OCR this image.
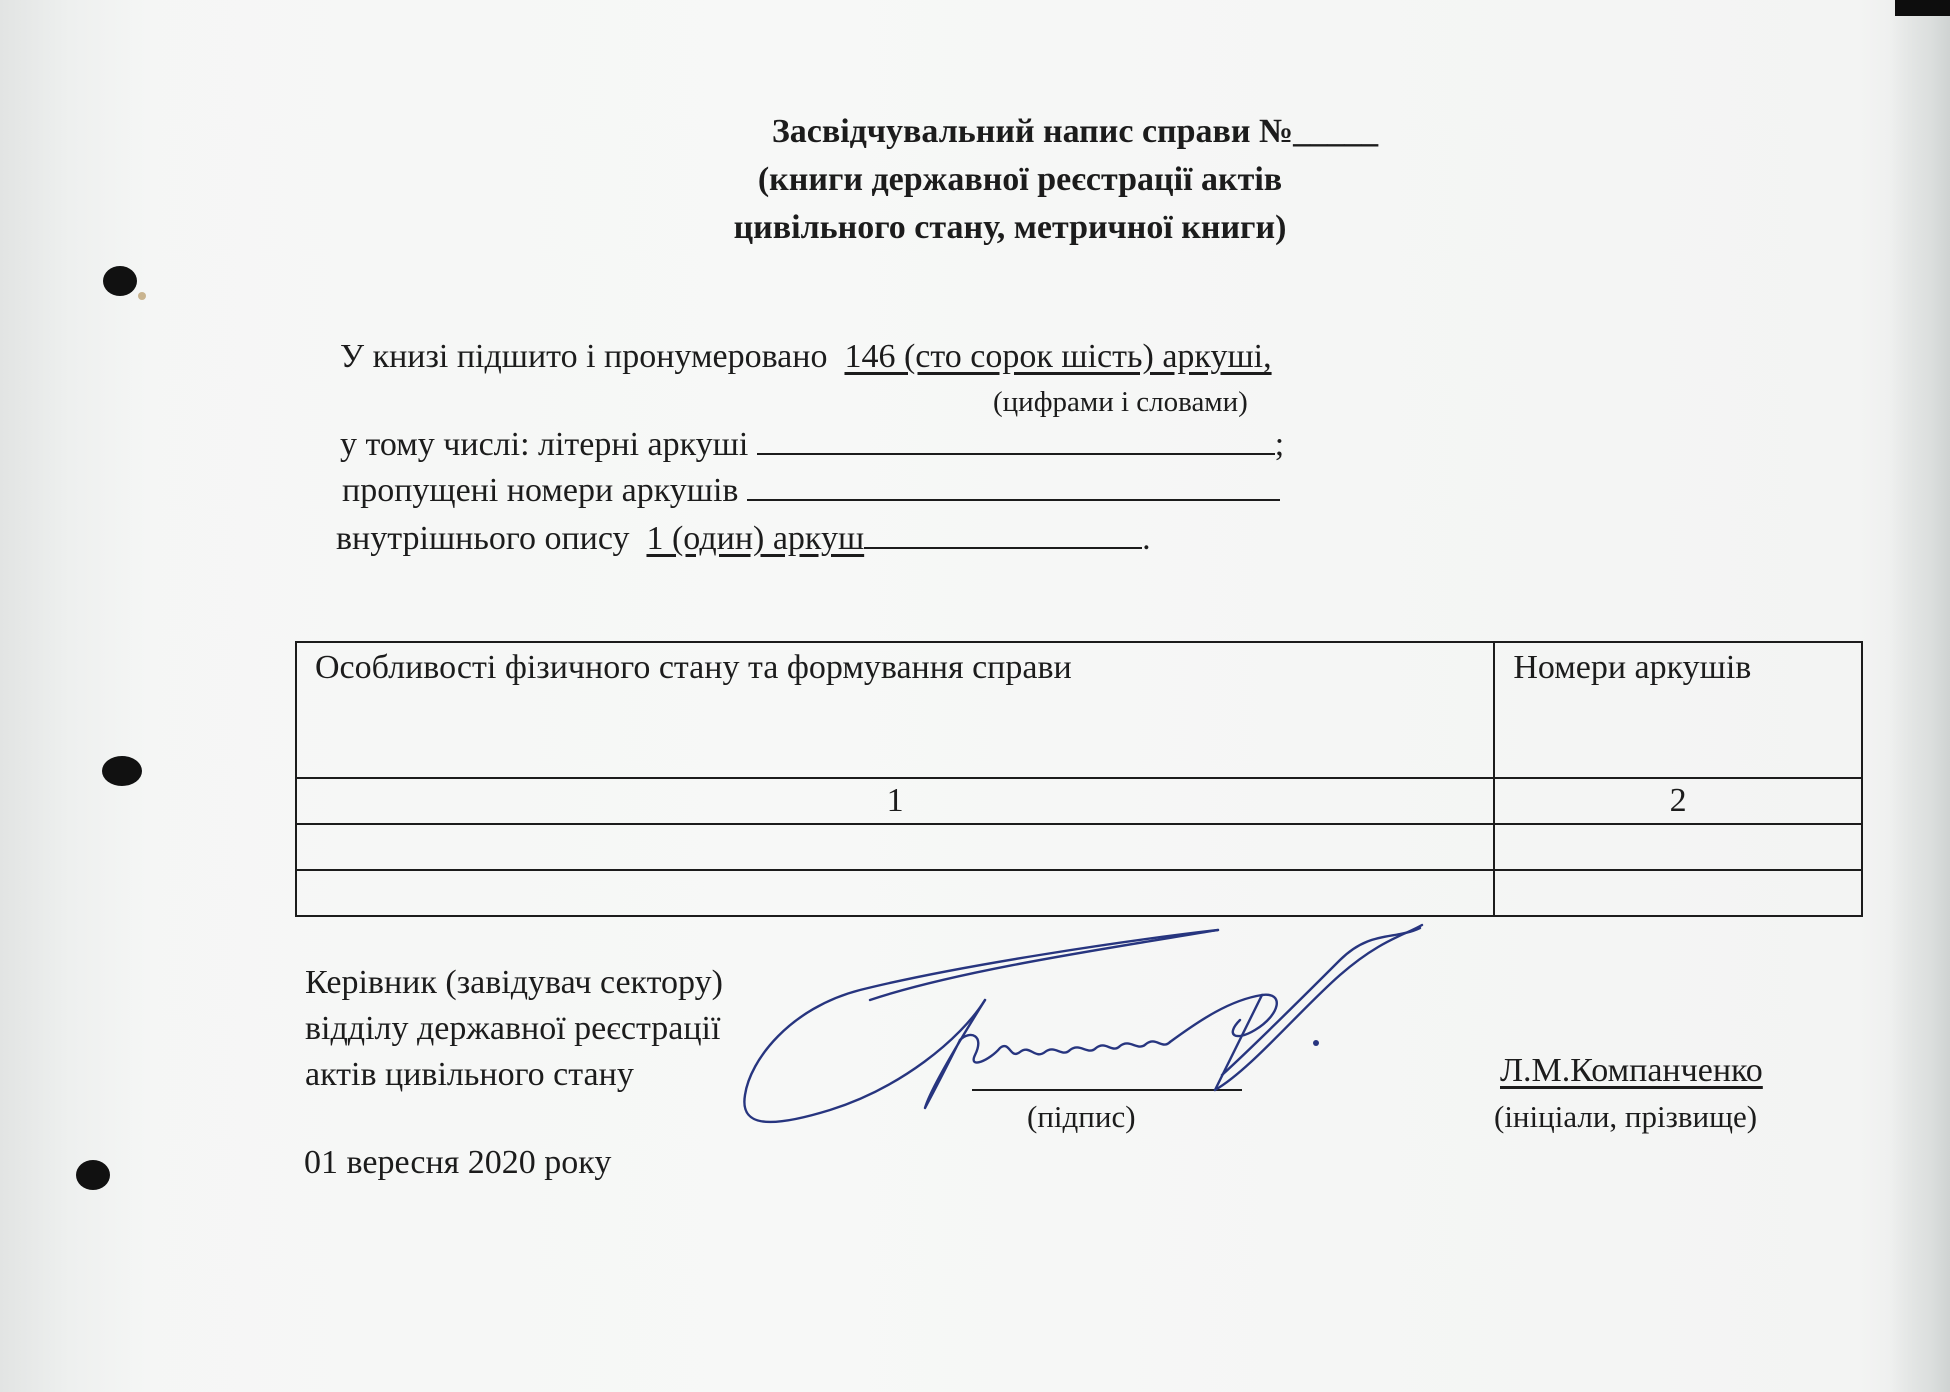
Засвідчувальний напис справи №_____
(книги державної реєстрації актів
цивільного стану, метричної книги)
У книзі підшито і пронумеровано 146 (сто сорок шість) аркуші,
(цифрами і словами)
у тому числі: літерні аркуші	;
пропущені номери аркушів
внутрішнього опису 1 (один) аркуш	.
Особливості фізичного стану та формування справи	Номери аркушів
1	2

Керівник (завідувач сектору)
відділу державної реєстрації
актів цивільного стану
(підпис)
Л.М.Компанченко
(ініціали, прізвище)
01 вересня 2020 року
